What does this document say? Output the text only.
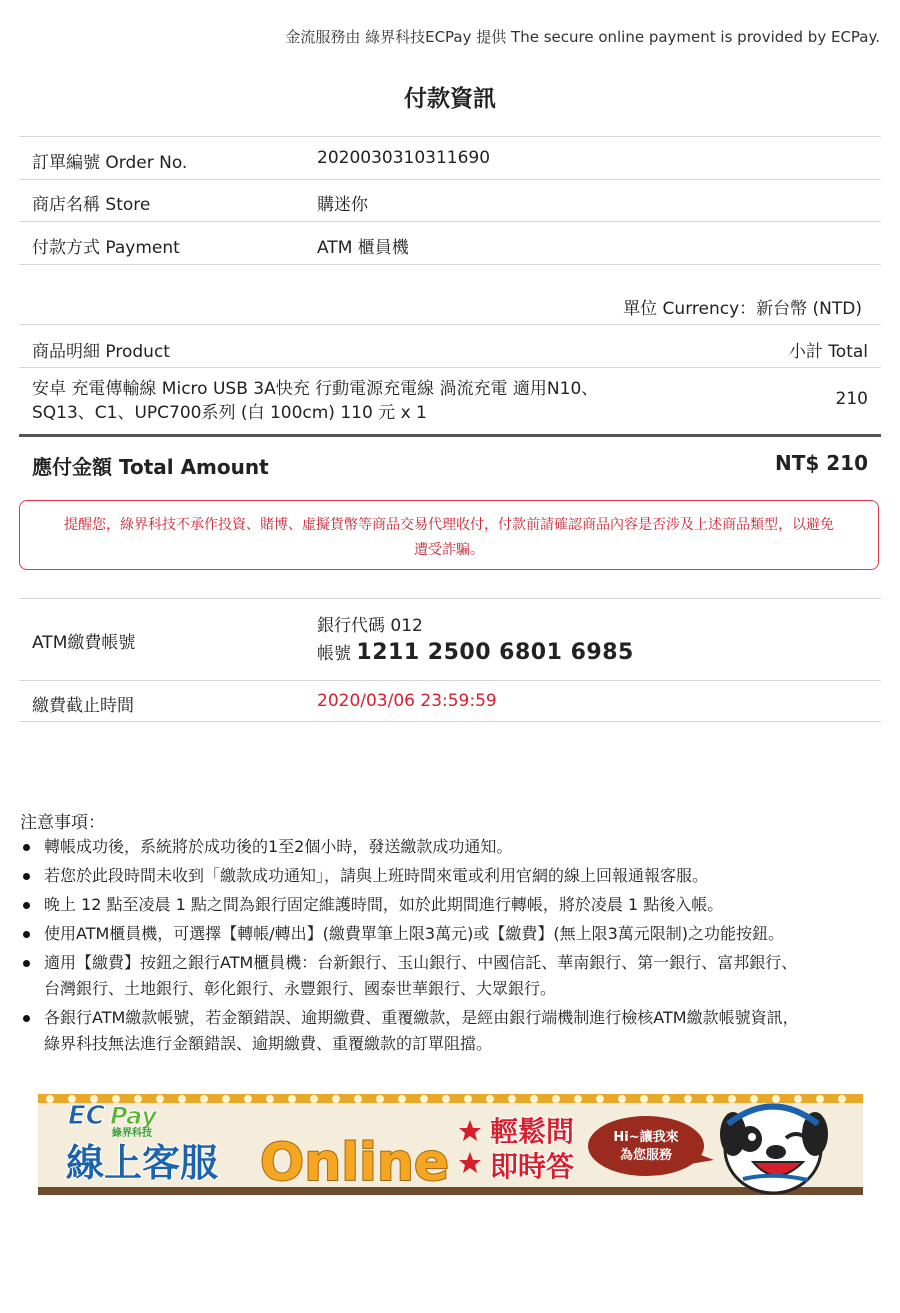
金流服務由 綠界科技ECPay 提供 The secure online payment is provided by ECPay.
付款資訊
訂單編號 Order No.	2020030310311690
商店名稱 Store	購迷你
付款方式 Payment	ATM 櫃員機
單位 Currency：新台幣 (NTD)
商品明細 Product	小計 Total
安卓 充電傳輸線 Micro USB 3A快充 行動電源充電線 渦流充電 適用N10、
SQ13、C1、UPC700系列 (白 100cm) 110 元 x 1
210
應付金額 Total Amount	NT$ 210
提醒您，綠界科技不承作投資、賭博、虛擬貨幣等商品交易代理收付，付款前請確認商品內容是否涉及上述商品類型，以避免
遭受詐騙。
ATM繳費帳號
銀行代碼 012
帳號 1211 2500 6801 6985
繳費截止時間	2020/03/06 23:59:59
注意事項：
轉帳成功後，系統將於成功後的1至2個小時，發送繳款成功通知。
若您於此段時間未收到「繳款成功通知」，請與上班時間來電或利用官網的線上回報通報客服。
晚上 12 點至凌晨 1 點之間為銀行固定維護時間，如於此期間進行轉帳，將於凌晨 1 點後入帳。
使用ATM櫃員機，可選擇【轉帳/轉出】(繳費單筆上限3萬元)或【繳費】(無上限3萬元限制)之功能按鈕。
適用【繳費】按鈕之銀行ATM櫃員機：台新銀行、玉山銀行、中國信託、華南銀行、第一銀行、富邦銀行、
台灣銀行、土地銀行、彰化銀行、永豐銀行、國泰世華銀行、大眾銀行。
各銀行ATM繳款帳號，若金額錯誤、逾期繳費、重覆繳款，是經由銀行端機制進行檢核ATM繳款帳號資訊，
綠界科技無法進行金額錯誤、逾期繳費、重覆繳款的訂單阻擋。
EC Pay
綠界科技
線上客服 Online
輕鬆問
即時答
Hi~讓我來
為您服務
